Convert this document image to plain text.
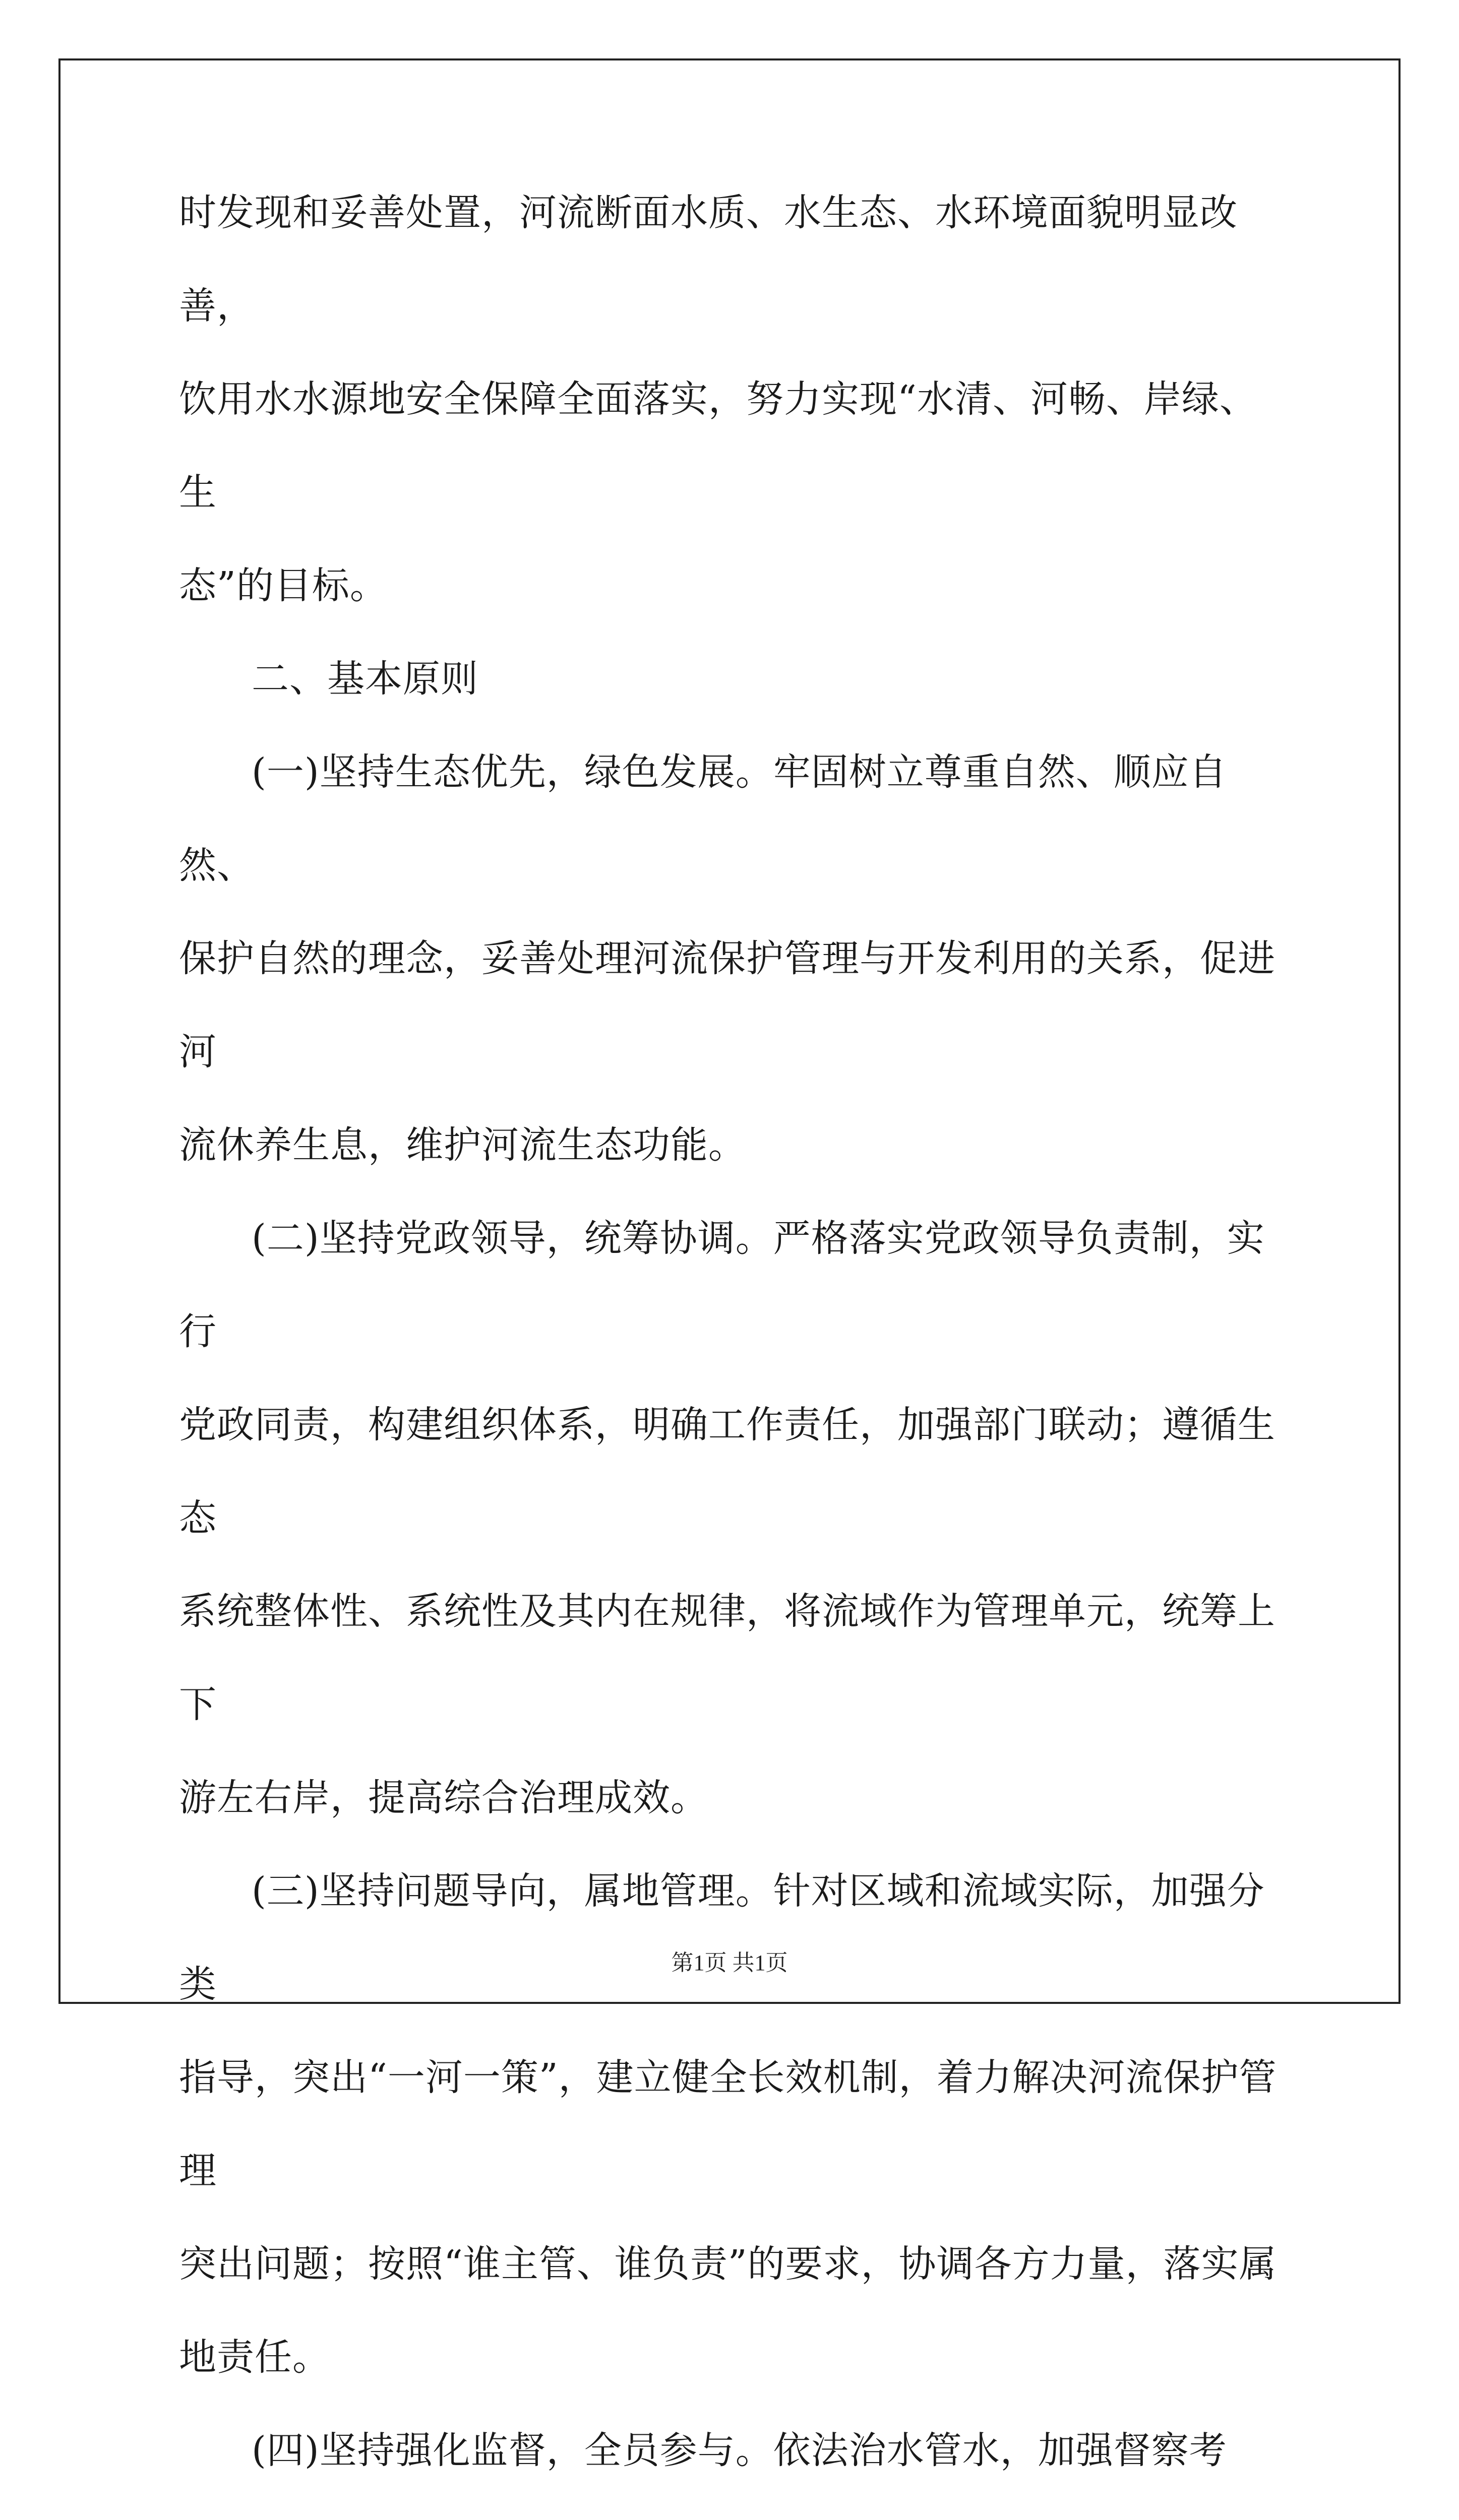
时发现和妥善处置，河流断面水质、水生态、水环境面貌明显改善，
饮用水水源地安全保障全面落实，努力实现“水清、河畅、岸绿、生
态”的目标。
二、基本原则
(一)坚持生态优先，绿色发展。牢固树立尊重自然、顺应自然、
保护自然的理念，妥善处理河流保护管理与开发利用的关系，促进河
流休养生息，维护河流生态功能。
(二)坚持党政领导，统筹协调。严格落实党政领导负责制，实行
党政同责，构建组织体系，明确工作责任，加强部门联动；遵循生态
系统整体性、系统性及其内在规律，将流域作为管理单元，统筹上下
游左右岸，提高综合治理成效。
(三)坚持问题导向，属地管理。针对区域和流域实际，加强分类
指导，突出“一河一策”，建立健全长效机制，着力解决河流保护管理
突出问题；按照“谁主管、谁负责”的要求，协调各方力量，落实属
地责任。
(四)坚持强化监督，全员参与。依法治水管水，加强督察考
第1页 共1页
